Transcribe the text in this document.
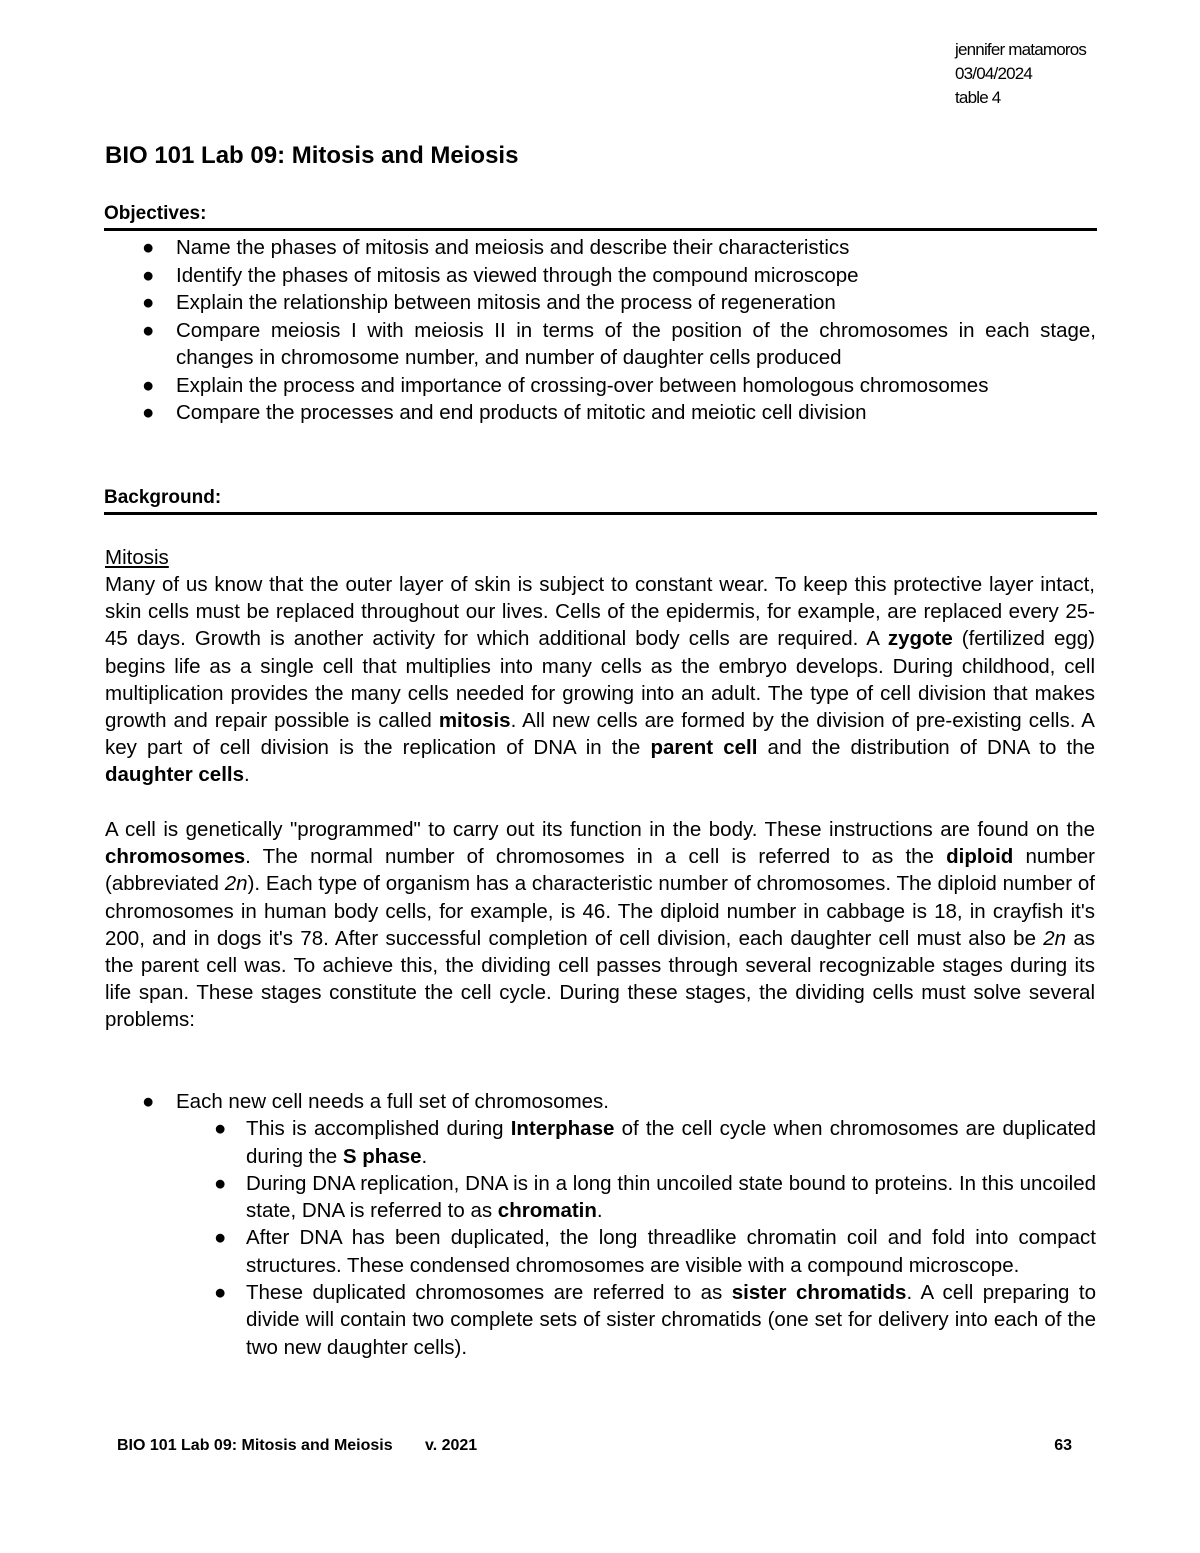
jennifer matamoros
03/04/2024
table 4
BIO 101 Lab 09: Mitosis and Meiosis
Objectives:
● Name the phases of mitosis and meiosis and describe their characteristics
● Identify the phases of mitosis as viewed through the compound microscope
● Explain the relationship between mitosis and the process of regeneration
● Compare meiosis I with meiosis II in terms of the position of the chromosomes in each stage, changes in chromosome number, and number of daughter cells produced
● Explain the process and importance of crossing-over between homologous chromosomes
● Compare the processes and end products of mitotic and meiotic cell division
Background:
Mitosis

Many of us know that the outer layer of skin is subject to constant wear. To keep this protective layer intact, skin cells must be replaced throughout our lives. Cells of the epidermis, for example, are replaced every 25-45 days. Growth is another activity for which additional body cells are required. A zygote (fertilized egg) begins life as a single cell that multiplies into many cells as the embryo develops. During childhood, cell multiplication provides the many cells needed for growing into an adult. The type of cell division that makes growth and repair possible is called mitosis. All new cells are formed by the division of pre-existing cells. A key part of cell division is the replication of DNA in the parent cell and the distribution of DNA to the daughter cells.

A cell is genetically "programmed" to carry out its function in the body. These instructions are found on the chromosomes. The normal number of chromosomes in a cell is referred to as the diploid number (abbreviated 2n). Each type of organism has a characteristic number of chromosomes. The diploid number of chromosomes in human body cells, for example, is 46. The diploid number in cabbage is 18, in crayfish it's 200, and in dogs it's 78. After successful completion of cell division, each daughter cell must also be 2n as the parent cell was. To achieve this, the dividing cell passes through several recognizable stages during its life span. These stages constitute the cell cycle. During these stages, the dividing cells must solve several problems:

● Each new cell needs a full set of chromosomes.
● This is accomplished during Interphase of the cell cycle when chromosomes are duplicated during the S phase.
● During DNA replication, DNA is in a long thin uncoiled state bound to proteins. In this uncoiled state, DNA is referred to as chromatin.
● After DNA has been duplicated, the long threadlike chromatin coil and fold into compact structures. These condensed chromosomes are visible with a compound microscope.
● These duplicated chromosomes are referred to as sister chromatids. A cell preparing to divide will contain two complete sets of sister chromatids (one set for delivery into each of the two new daughter cells).
BIO 101 Lab 09: Mitosis and Meiosis v. 2021	63
